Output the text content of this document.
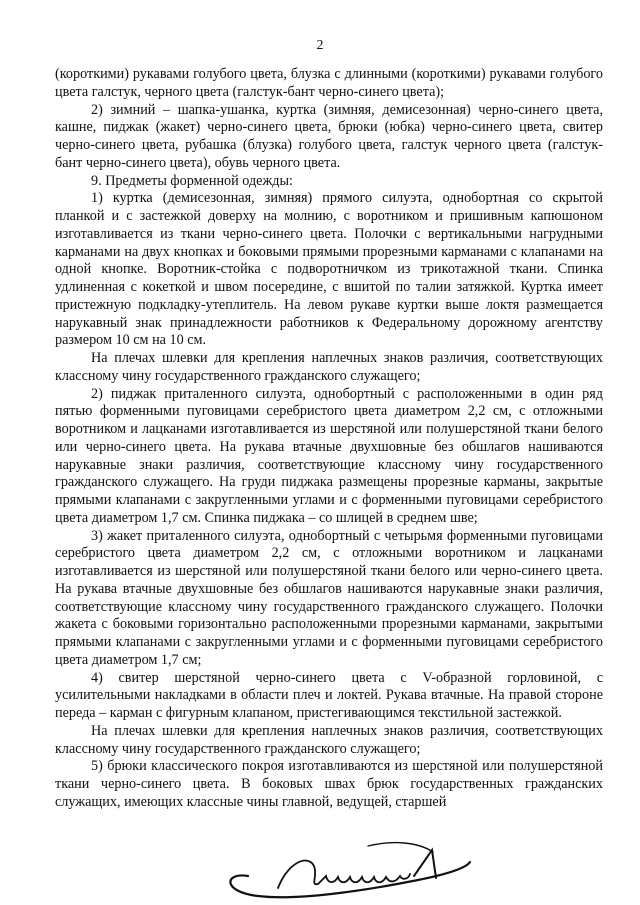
2

(короткими) рукавами голубого цвета, блузка с длинными (короткими) рукавами голубого цвета галстук, черного цвета (галстук-бант черно-синего цвета);

2) зимний – шапка-ушанка, куртка (зимняя, демисезонная) черно-синего цвета, кашне, пиджак (жакет) черно-синего цвета, брюки (юбка) черно-синего цвета, свитер черно-синего цвета, рубашка (блузка) голубого цвета, галстук черного цвета (галстук-бант черно-синего цвета), обувь черного цвета.

9. Предметы форменной одежды:

1) куртка (демисезонная, зимняя) прямого силуэта, однобортная со скрытой планкой и с застежкой доверху на молнию, с воротником и пришивным капюшоном изготавливается из ткани черно-синего цвета. Полочки с вертикальными нагрудными карманами на двух кнопках и боковыми прямыми прорезными карманами с клапанами на одной кнопке. Воротник-стойка с подворотничком из трикотажной ткани. Спинка удлиненная с кокеткой и швом посередине, с вшитой по талии затяжкой. Куртка имеет пристежную подкладку-утеплитель. На левом рукаве куртки выше локтя размещается нарукавный знак принадлежности работников к Федеральному дорожному агентству размером 10 см на 10 см.

На плечах шлевки для крепления наплечных знаков различия, соответствующих классному чину государственного гражданского служащего;

2) пиджак приталенного силуэта, однобортный с расположенными в один ряд пятью форменными пуговицами серебристого цвета диаметром 2,2 см, с отложными воротником и лацканами изготавливается из шерстяной или полушерстяной ткани белого или черно-синего цвета. На рукава втачные двухшовные без обшлагов нашиваются нарукавные знаки различия, соответствующие классному чину государственного гражданского служащего. На груди пиджака размещены прорезные карманы, закрытые прямыми клапанами с закругленными углами и с форменными пуговицами серебристого цвета диаметром 1,7 см. Спинка пиджака – со шлицей в среднем шве;

3) жакет приталенного силуэта, однобортный с четырьмя форменными пуговицами серебристого цвета диаметром 2,2 см, с отложными воротником и лацканами изготавливается из шерстяной или полушерстяной ткани белого или черно-синего цвета. На рукава втачные двухшовные без обшлагов нашиваются нарукавные знаки различия, соответствующие классному чину государственного гражданского служащего. Полочки жакета с боковыми горизонтально расположенными прорезными карманами, закрытыми прямыми клапанами с закругленными углами и с форменными пуговицами серебристого цвета диаметром 1,7 см;

4) свитер шерстяной черно-синего цвета с V-образной горловиной, с усилительными накладками в области плеч и локтей. Рукава втачные. На правой стороне переда – карман с фигурным клапаном, пристегивающимся текстильной застежкой.

На плечах шлевки для крепления наплечных знаков различия, соответствующих классному чину государственного гражданского служащего;

5) брюки классического покроя изготавливаются из шерстяной или полушерстяной ткани черно-синего цвета. В боковых швах брюк государственных гражданских служащих, имеющих классные чины главной, ведущей, старшей
